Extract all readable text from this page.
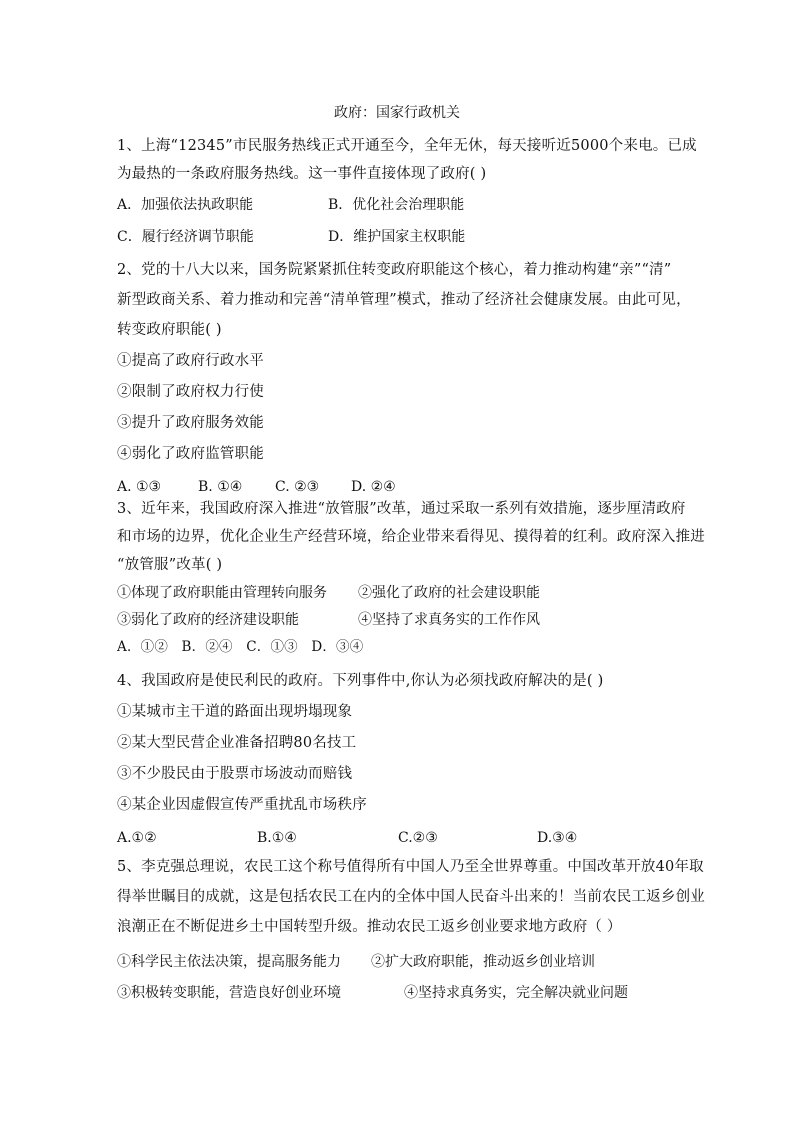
政府：国家行政机关
1、上海“12345”市民服务热线正式开通至今，全年无休，每天接听近5000个来电。已成
为最热的一条政府服务热线。这一事件直接体现了政府( )
A．加强依法执政职能	B．优化社会治理职能
C．履行经济调节职能	D．维护国家主权职能
2、党的十八大以来，国务院紧紧抓住转变政府职能这个核心，着力推动构建“亲”“清”
新型政商关系、着力推动和完善“清单管理”模式，推动了经济社会健康发展。由此可见，
转变政府职能( )
①提高了政府行政水平
②限制了政府权力行使
③提升了政府服务效能
④弱化了政府监管职能
A. ①③	B. ①④ C. ②③ D. ②④
3、近年来，我国政府深入推进“放管服”改革，通过采取一系列有效措施，逐步厘清政府
和市场的边界，优化企业生产经营环境，给企业带来看得见、摸得着的红利。政府深入推进
“放管服”改革( )
①体现了政府职能由管理转向服务 ②强化了政府的社会建设职能
③弱化了政府的经济建设职能	④坚持了求真务实的工作作风
A．①②   B．②④   C．①③   D．③④
4、我国政府是使民利民的政府。下列事件中,你认为必须找政府解决的是( )
①某城市主干道的路面出现坍塌现象
②某大型民营企业准备招聘80名技工
③不少股民由于股票市场波动而赔钱
④某企业因虚假宣传严重扰乱市场秩序
A.①②	B.①④	C.②③	D.③④
5、李克强总理说，农民工这个称号值得所有中国人乃至全世界尊重。中国改革开放40年取
得举世瞩目的成就，这是包括农民工在内的全体中国人民奋斗出来的！当前农民工返乡创业
浪潮正在不断促进乡土中国转型升级。推动农民工返乡创业要求地方政府（ ）
①科学民主依法决策，提高服务能力 ②扩大政府职能，推动返乡创业培训
③积极转变职能，营造良好创业环境	④坚持求真务实，完全解决就业问题
